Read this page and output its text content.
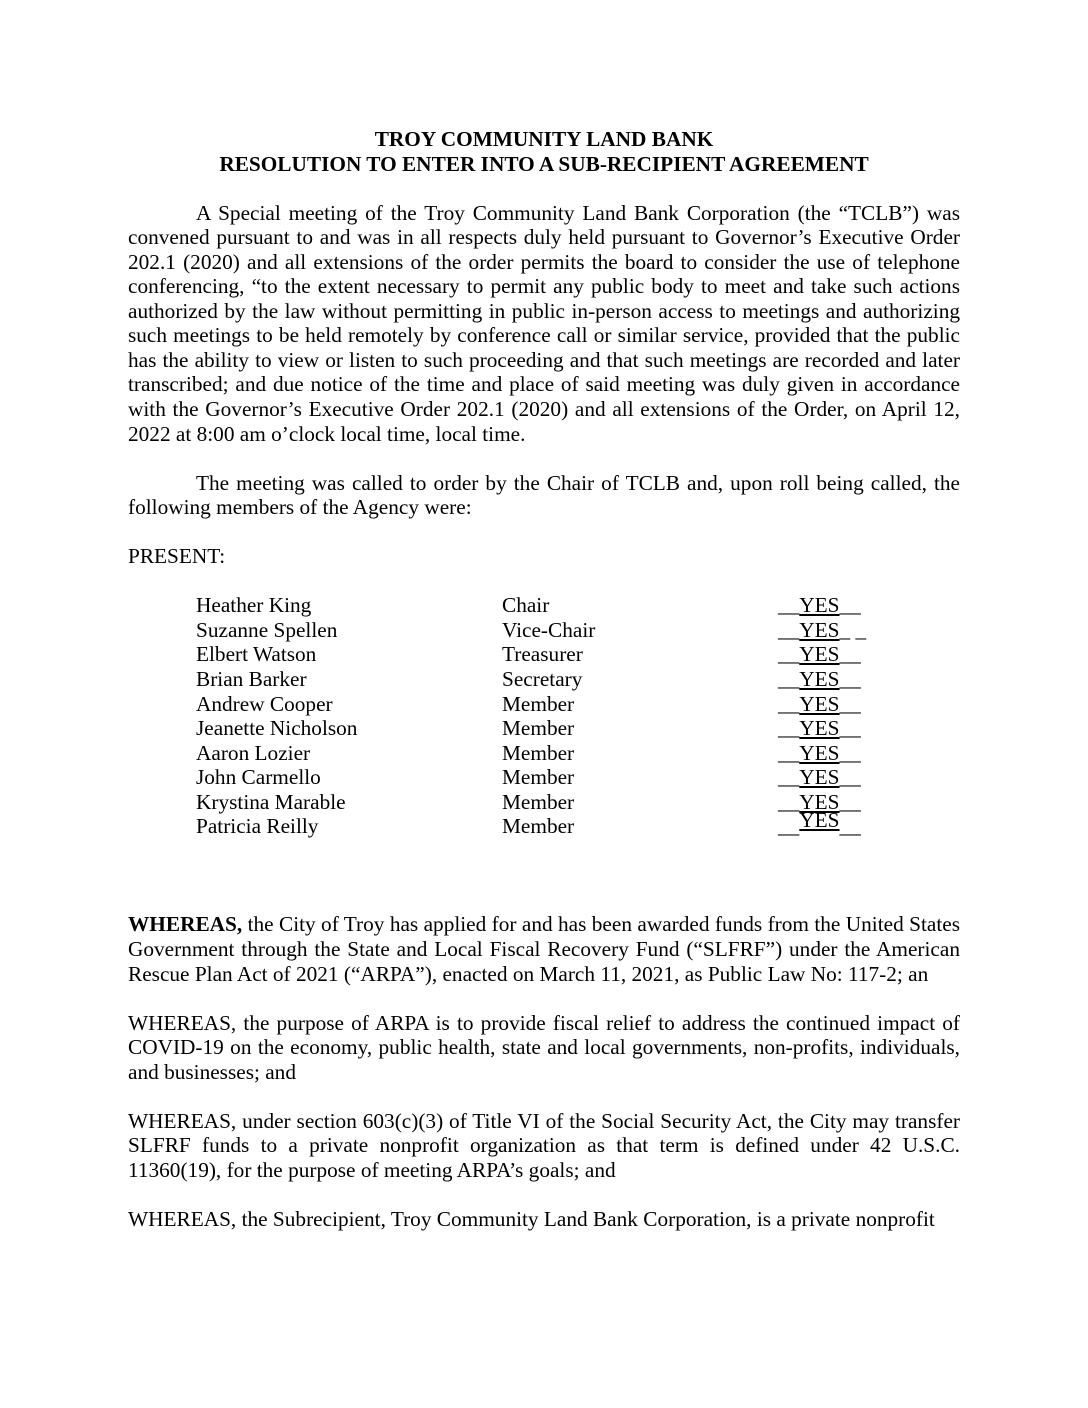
TROY COMMUNITY LAND BANK
RESOLUTION TO ENTER INTO A SUB-RECIPIENT AGREEMENT

A Special meeting of the Troy Community Land Bank Corporation (the “TCLB”) was convened pursuant to and was in all respects duly held pursuant to Governor’s Executive Order 202.1 (2020) and all extensions of the order permits the board to consider the use of telephone conferencing, “to the extent necessary to permit any public body to meet and take such actions authorized by the law without permitting in public in-person access to meetings and authorizing such meetings to be held remotely by conference call or similar service, provided that the public has the ability to view or listen to such proceeding and that such meetings are recorded and later transcribed; and due notice of the time and place of said meeting was duly given in accordance with the Governor’s Executive Order 202.1 (2020) and all extensions of the Order, on April 12, 2022 at 8:00 am o’clock local time, local time.

The meeting was called to order by the Chair of TCLB and, upon roll being called, the following members of the Agency were:

PRESENT:

Heather King	Chair	__YES__
Suzanne Spellen	Vice-Chair	__YES_ _
Elbert Watson	Treasurer	__YES__
Brian Barker	Secretary	__YES__
Andrew Cooper	Member	__YES__
Jeanette Nicholson	Member	__YES__
Aaron Lozier	Member	__YES__
John Carmello	Member	__YES__
Krystina Marable	Member	__YES__
Patricia Reilly	Member	__YES__

WHEREAS, the City of Troy has applied for and has been awarded funds from the United States Government through the State and Local Fiscal Recovery Fund (“SLFRF”) under the American Rescue Plan Act of 2021 (“ARPA”), enacted on March 11, 2021, as Public Law No: 117-2; an

WHEREAS, the purpose of ARPA is to provide fiscal relief to address the continued impact of COVID-19 on the economy, public health, state and local governments, non-profits, individuals, and businesses; and

WHEREAS, under section 603(c)(3) of Title VI of the Social Security Act, the City may transfer SLFRF funds to a private nonprofit organization as that term is defined under 42 U.S.C. 11360(19), for the purpose of meeting ARPA’s goals; and

WHEREAS, the Subrecipient, Troy Community Land Bank Corporation, is a private nonprofit
